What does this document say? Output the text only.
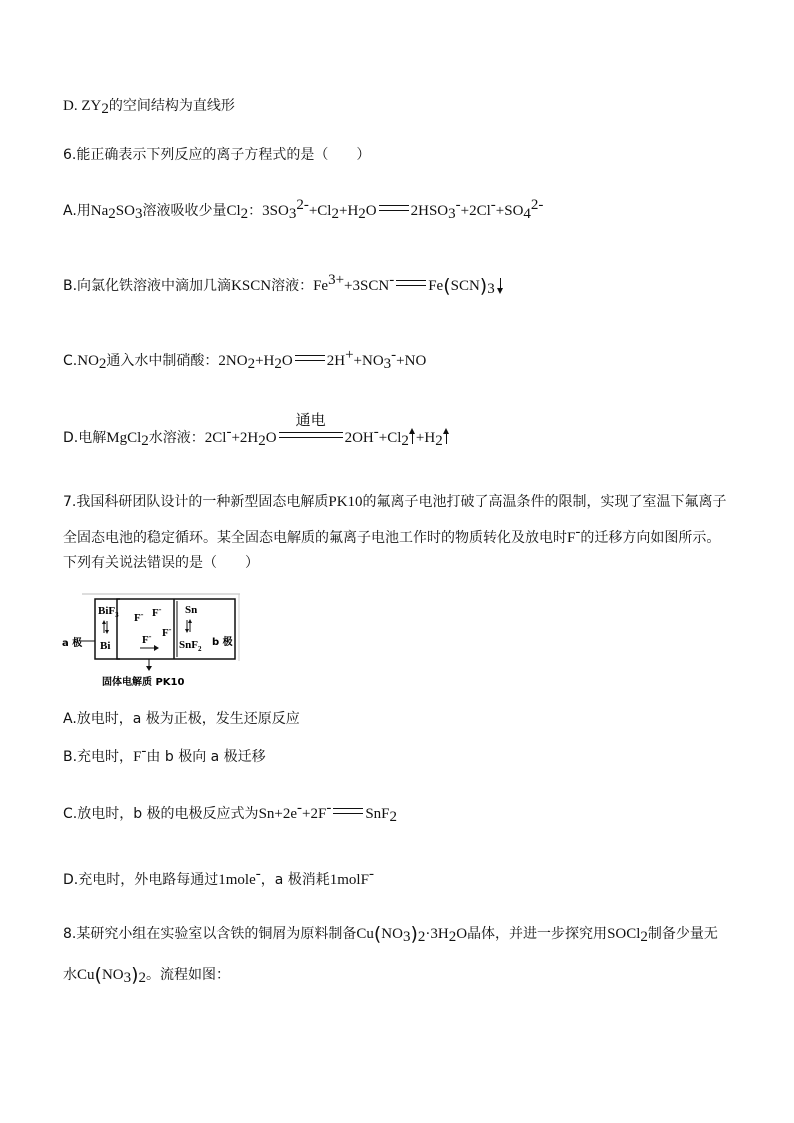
D. $ZY_2$的空间结构为直线形
6.能正确表示下列反应的离子方程式的是（　　）
A.用$Na_2SO_3$溶液吸收少量$Cl_2$：$3SO_3^{2-}+Cl_2+H_2O$ $2HSO_3^-+2Cl^-+SO_4^{2-}$
B.向氯化铁溶液中滴加几滴KSCN溶液：$Fe^{3+}+3SCN^-$ $Fe(SCN)_3$
$C.NO_2$通入水中制硝酸：$2NO_2+H_2O$ $2H^++NO_3^-+NO$
D.电解MgCl$_2$水溶液：$2Cl^-+2H_2O$
通电
$2OH^-+Cl_2 +H_2$
7.我国科研团队设计的一种新型固态电解质PK10的氟离子电池打破了高温条件的限制，实现了室温下氟离子
全固态电池的稳定循环。某全固态电解质的氟离子电池工作时的物质转化及放电时F-的迁移方向如图所示。
下列有关说法错误的是（　　）
a 极	b 极
BiF$_3$
Bi
F- F-
F-
F-
Sn
SnF$_2$
固体电解质 PK10
A.放电时，a 极为正极，发生还原反应
B.充电时，F-由 b 极向 a 极迁移
C.放电时，b 极的电极反应式为Sn+2e-+2F- SnF$_2$
D.充电时，外电路每通过1mole-，a 极消耗1molF-
8.某研究小组在实验室以含铁的铜屑为原料制备$Cu(NO_3)_2\cdot 3H_2O$晶体，并进一步探究用SOCl$_2$制备少量无
水$Cu(NO_3)_2$。流程如图：
